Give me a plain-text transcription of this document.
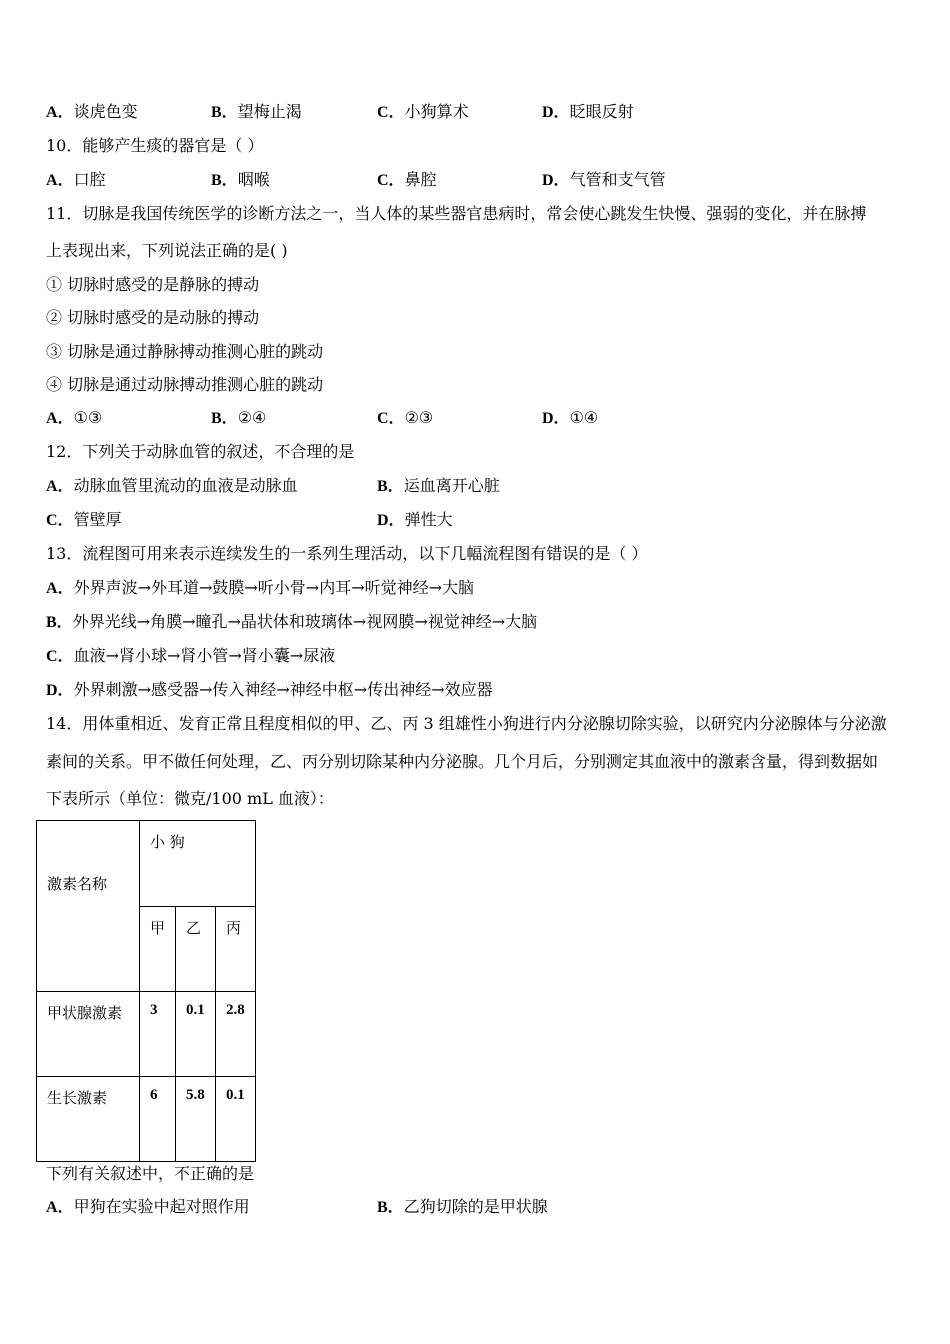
A．谈虎色变	B．望梅止渴	C．小狗算术	D．眨眼反射
10．能够产生痰的器官是（ ）
A．口腔	B．咽喉	C．鼻腔	D．气管和支气管
11．切脉是我国传统医学的诊断方法之一，当人体的某些器官患病时，常会使心跳发生快慢、强弱的变化，并在脉搏
上表现出来，下列说法正确的是( )
① 切脉时感受的是静脉的搏动
② 切脉时感受的是动脉的搏动
③ 切脉是通过静脉搏动推测心脏的跳动
④ 切脉是通过动脉搏动推测心脏的跳动
A．①③	B．②④	C．②③	D．①④
12．下列关于动脉血管的叙述，不合理的是
A．动脉血管里流动的血液是动脉血	B．运血离开心脏
C．管壁厚	D．弹性大
13．流程图可用来表示连续发生的一系列生理活动，以下几幅流程图有错误的是（ ）
A．外界声波→外耳道→鼓膜→听小骨→内耳→听觉神经→大脑
B．外界光线→角膜→瞳孔→晶状体和玻璃体→视网膜→视觉神经→大脑
C．血液→肾小球→肾小管→肾小囊→尿液
D．外界刺激→感受器→传入神经→神经中枢→传出神经→效应器
14．用体重相近、发育正常且程度相似的甲、乙、丙 3 组雄性小狗进行内分泌腺切除实验，以研究内分泌腺体与分泌激
素间的关系。甲不做任何处理，乙、丙分别切除某种内分泌腺。几个月后，分别测定其血液中的激素含量，得到数据如
下表所示（单位：微克/100 mL 血液）：
激素名称	小 狗		

	甲	乙	丙

甲状腺激素	3	0.1	2.8

生长激素	6	5.8	0.1
下列有关叙述中，不正确的是
A．甲狗在实验中起对照作用	B．乙狗切除的是甲状腺
